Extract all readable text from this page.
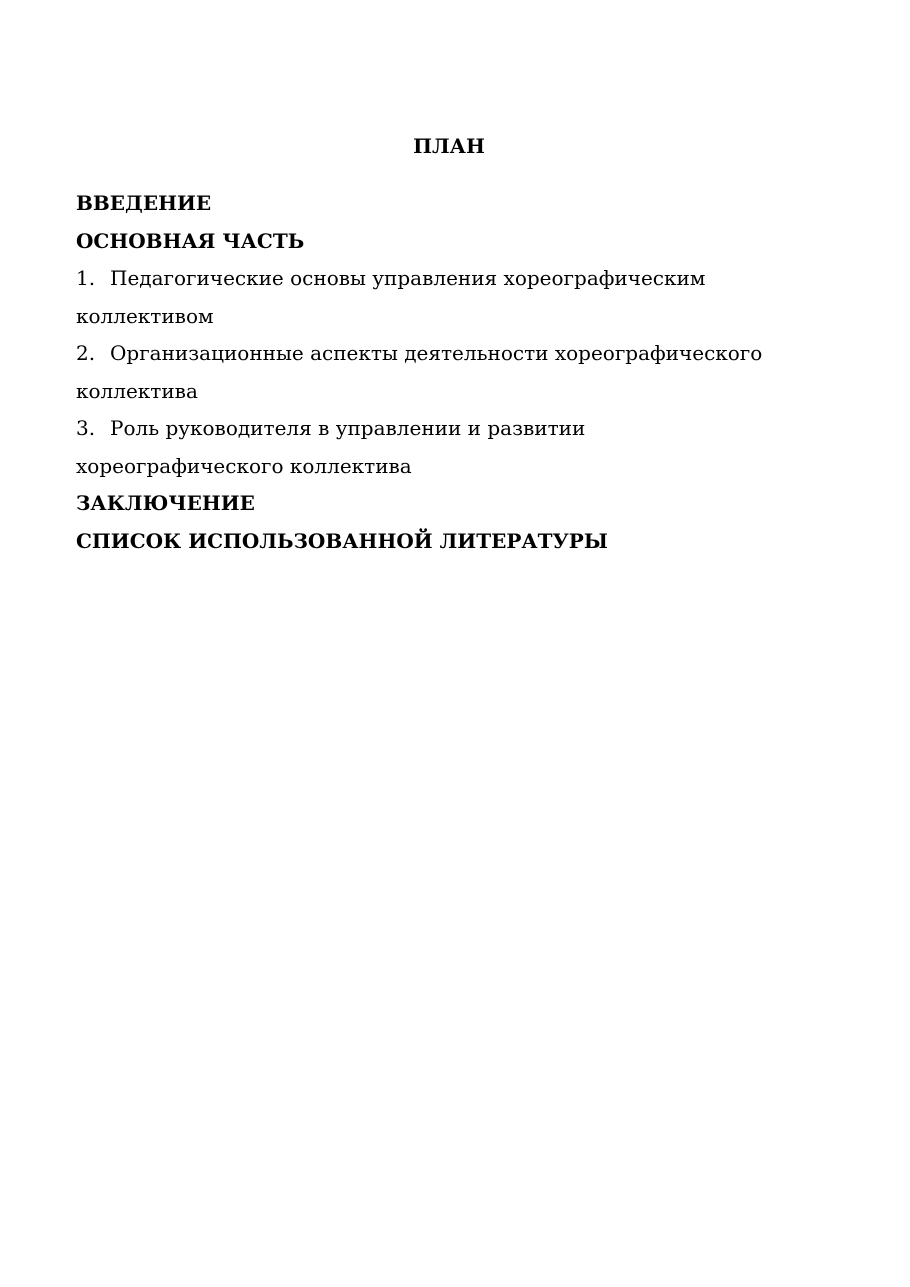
ПЛАН
ВВЕДЕНИЕ
ОСНОВНАЯ ЧАСТЬ
1. Педагогические основы управления хореографическим
коллективом
2. Организационные аспекты деятельности хореографического
коллектива
3. Роль руководителя в управлении и развитии
хореографического коллектива
ЗАКЛЮЧЕНИЕ
СПИСОК ИСПОЛЬЗОВАННОЙ ЛИТЕРАТУРЫ
